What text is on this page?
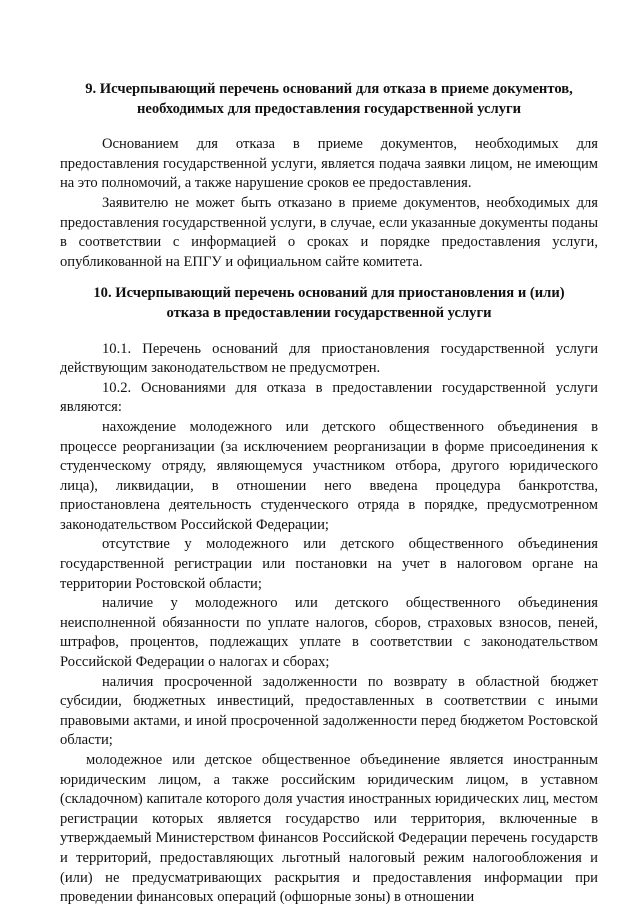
9. Исчерпывающий перечень оснований для отказа в приеме документов,
необходимых для предоставления государственной услуги

Основанием для отказа в приеме документов, необходимых для предоставления государственной услуги, является подача заявки лицом, не имеющим на это полномочий, а также нарушение сроков ее предоставления.

Заявителю не может быть отказано в приеме документов, необходимых для предоставления государственной услуги, в случае, если указанные документы поданы в соответствии с информацией о сроках и порядке предоставления услуги, опубликованной на ЕПГУ и официальном сайте комитета.

10. Исчерпывающий перечень оснований для приостановления и (или)
отказа в предоставлении государственной услуги

10.1. Перечень оснований для приостановления государственной услуги действующим законодательством не предусмотрен.

10.2. Основаниями для отказа в предоставлении государственной услуги являются:

нахождение молодежного или детского общественного объединения в процессе реорганизации (за исключением реорганизации в форме присоединения к студенческому отряду, являющемуся участником отбора, другого юридического лица), ликвидации, в отношении него введена процедура банкротства, приостановлена деятельность студенческого отряда в порядке, предусмотренном законодательством Российской Федерации;

отсутствие у молодежного или детского общественного объединения государственной регистрации или постановки на учет в налоговом органе на территории Ростовской области;

наличие у молодежного или детского общественного объединения неисполненной обязанности по уплате налогов, сборов, страховых взносов, пеней, штрафов, процентов, подлежащих уплате в соответствии с законодательством Российской Федерации о налогах и сборах;

наличия просроченной задолженности по возврату в областной бюджет субсидии, бюджетных инвестиций, предоставленных в соответствии с иными правовыми актами, и иной просроченной задолженности перед бюджетом Ростовской области;

молодежное или детское общественное объединение является иностранным юридическим лицом, а также российским юридическим лицом, в уставном (складочном) капитале которого доля участия иностранных юридических лиц, местом регистрации которых является государство или территория, включенные в утверждаемый Министерством финансов Российской Федерации перечень государств и территорий, предоставляющих льготный налоговый режим налогообложения и (или) не предусматривающих раскрытия и предоставления информации при проведении финансовых операций (офшорные зоны) в отношении
